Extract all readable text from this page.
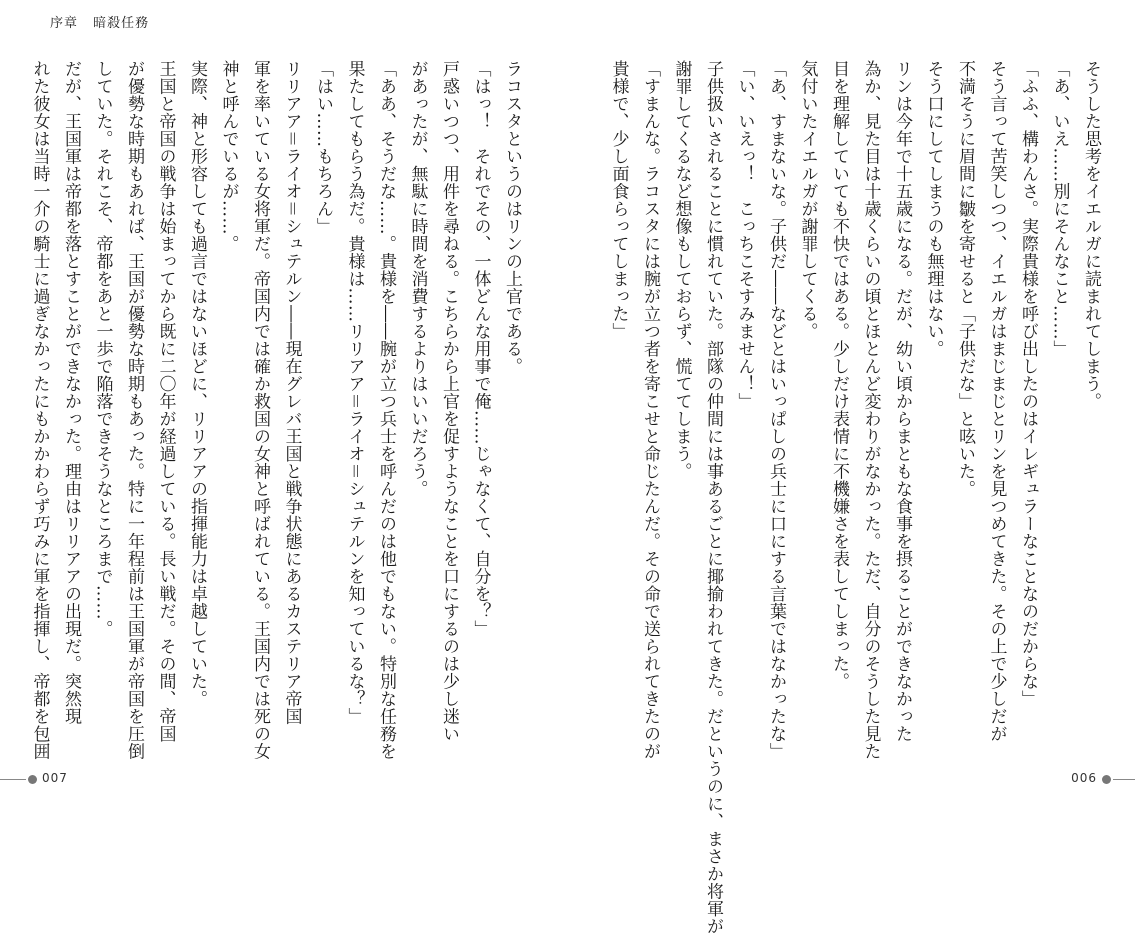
序章 暗殺任務

ラコスタというのはリンの上官である。

「はっ！　それでその、一体どんな用事で俺……じゃなくて、自分を？」

戸惑いつつ、用件を尋ねる。こちらから上官を促すようなことを口にするのは少し迷い

があったが、無駄に時間を消費するよりはいいだろう。

「ああ、そうだな……。貴様を――腕が立つ兵士を呼んだのは他でもない。特別な任務を

果たしてもらう為だ。貴様は……リリアア＝ライオ＝シュテルンを知っているな？」

「はい……もちろん」

リリアア＝ライオ＝シュテルン――現在グレバ王国と戦争状態にあるカステリア帝国

軍を率いている女将軍だ。帝国内では確か救国の女神と呼ばれている。王国内では死の女

神と呼んでいるが……。

実際、神と形容しても過言ではないほどに、リリアアの指揮能力は卓越していた。

王国と帝国の戦争は始まってから既に二〇年が経過している。長い戦だ。その間、帝国

が優勢な時期もあれば、王国が優勢な時期もあった。特に一年程前は王国軍が帝国を圧倒

していた。それこそ、帝都をあと一歩で陥落できそうなところまで……。

だが、王国軍は帝都を落とすことができなかった。理由はリリアアの出現だ。突然現

れた彼女は当時一介の騎士に過ぎなかったにもかかわらず巧みに軍を指揮し、帝都を包囲

007

そうした思考をイエルガに読まれてしまう。

「あ、いえ……別にそんなこと……」

「ふふ、構わんさ。実際貴様を呼び出したのはイレギュラーなことなのだからな」

そう言って苦笑しつつ、イエルガはまじまじとリンを見つめてきた。その上で少しだが

不満そうに眉間に皺を寄せると「子供だな」と呟いた。

そう口にしてしまうのも無理はない。

リンは今年で十五歳になる。だが、幼い頃からまともな食事を摂ることができなかった

為か、見た目は十歳くらいの頃とほとんど変わりがなかった。ただ、自分のそうした見た

目を理解していても不快ではある。少しだけ表情に不機嫌さを表してしまった。

気付いたイエルガが謝罪してくる。

「あ、すまないな。子供だ――などとはいっぱしの兵士に口にする言葉ではなかったな」

「い、いえっ！　こっちこそすみません！」

子供扱いされることに慣れていた。部隊の仲間には事あるごとに揶揄われてきた。だというのに、まさか将軍が

謝罪してくるなど想像もしておらず、慌ててしまう。

「すまんな。ラコスタには腕が立つ者を寄こせと命じたんだ。その命で送られてきたのが

貴様で、少し面食らってしまった」

006
